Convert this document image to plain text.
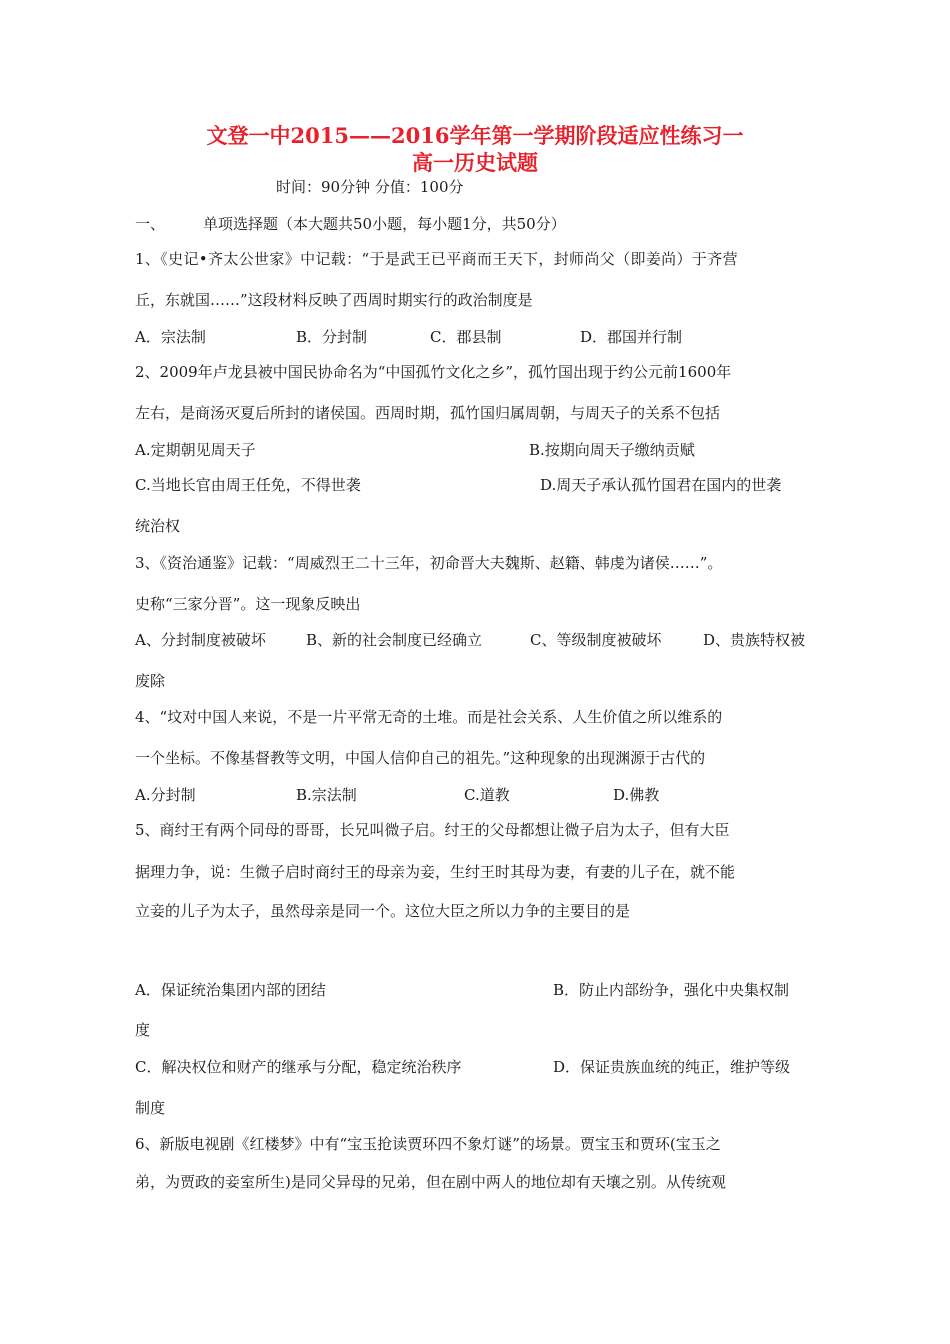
文登一中2015——2016学年第一学期阶段适应性练习一
高一历史试题
时间：90分钟 分值：100分
一、	单项选择题（本大题共50小题，每小题1分，共50分）
1、《史记•齐太公世家》中记载：“于是武王已平商而王天下，封师尚父（即姜尚）于齐营
丘，东就国……”这段材料反映了西周时期实行的政治制度是
A．宗法制	B．分封制	C．郡县制	D．郡国并行制
2、2009年卢龙县被中国民协命名为“中国孤竹文化之乡”，孤竹国出现于约公元前1600年
左右，是商汤灭夏后所封的诸侯国。西周时期，孤竹国归属周朝，与周天子的关系不包括
A.定期朝见周天子	B.按期向周天子缴纳贡赋
C.当地长官由周王任免，不得世袭	D.周天子承认孤竹国君在国内的世袭
统治权
3、《资治通鉴》记载：“周威烈王二十三年，初命晋大夫魏斯、赵籍、韩虔为诸侯……”。
史称“三家分晋”。这一现象反映出
A、分封制度被破坏	B、新的社会制度已经确立	C、等级制度被破坏	D、贵族特权被
废除
4、“坟对中国人来说，不是一片平常无奇的土堆。而是社会关系、人生价值之所以维系的
一个坐标。不像基督教等文明，中国人信仰自己的祖先。”这种现象的出现渊源于古代的
A.分封制	B.宗法制	C.道教	D.佛教
5、商纣王有两个同母的哥哥，长兄叫微子启。纣王的父母都想让微子启为太子，但有大臣
据理力争，说：生微子启时商纣王的母亲为妾，生纣王时其母为妻，有妻的儿子在，就不能
立妾的儿子为太子，虽然母亲是同一个。这位大臣之所以力争的主要目的是
A．保证统治集团内部的团结	B．防止内部纷争，强化中央集权制
度
C．解决权位和财产的继承与分配，稳定统治秩序	D．保证贵族血统的纯正，维护等级
制度
6、新版电视剧《红楼梦》中有“宝玉抢读贾环四不象灯谜”的场景。贾宝玉和贾环(宝玉之
弟，为贾政的妾室所生)是同父异母的兄弟，但在剧中两人的地位却有天壤之别。从传统观
